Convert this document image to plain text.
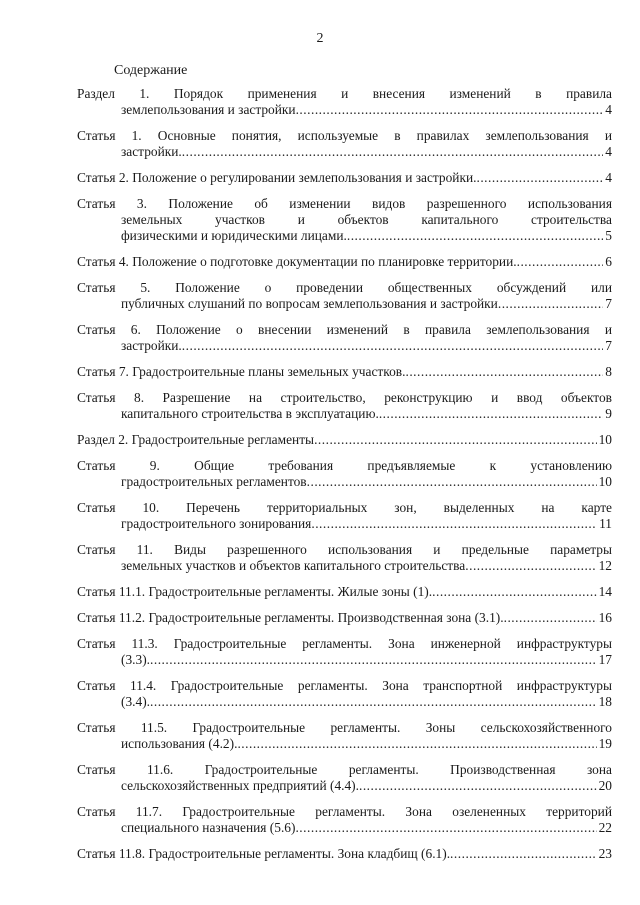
2
Содержание
Раздел 1. Порядок применения и внесения изменений в правила
землепользования и застройки .....	4
Статья 1. Основные понятия, используемые в правилах землепользования и
застройки. .....	4
Статья 2. Положение о регулировании землепользования и застройки. .....	4
Статья 3. Положение об изменении видов разрешенного использования
земельных участков и объектов капитального строительства
физическими и юридическими лицами. .....	5
Статья 4. Положение о подготовке документации по планировке территории. .....	6
Статья 5. Положение о проведении общественных обсуждений или
публичных слушаний по вопросам землепользования и застройки .....	7
Статья 6. Положение о внесении изменений в правила землепользования и
застройки. .....	7
Статья 7. Градостроительные планы земельных участков. .....	8
Статья 8. Разрешение на строительство, реконструкцию и ввод объектов
капитального строительства в эксплуатацию. .....	9
Раздел 2. Градостроительные регламенты .....	10
Статья 9. Общие требования предъявляемые к установлению
градостроительных регламентов .....	10
Статья 10. Перечень территориальных зон, выделенных на карте
градостроительного зонирования .....	11
Статья 11. Виды разрешенного использования и предельные параметры
земельных участков и объектов капитального строительства .....	12
Статья 11.1. Градостроительные регламенты. Жилые зоны (1). .....	14
Статья 11.2. Градостроительные регламенты. Производственная зона (3.1). .....	16
Статья 11.3. Градостроительные регламенты. Зона инженерной инфраструктуры
(3.3). .....	17
Статья 11.4. Градостроительные регламенты. Зона транспортной инфраструктуры
(3.4). .....	18
Статья 11.5. Градостроительные регламенты. Зоны сельскохозяйственного
использования (4.2). .....	19
Статья 11.6. Градостроительные регламенты. Производственная зона
сельскохозяйственных предприятий (4.4). .....	20
Статья 11.7. Градостроительные регламенты. Зона озелененных территорий
специального назначения (5.6) .....	22
Статья 11.8. Градостроительные регламенты. Зона кладбищ (6.1). .....	23
